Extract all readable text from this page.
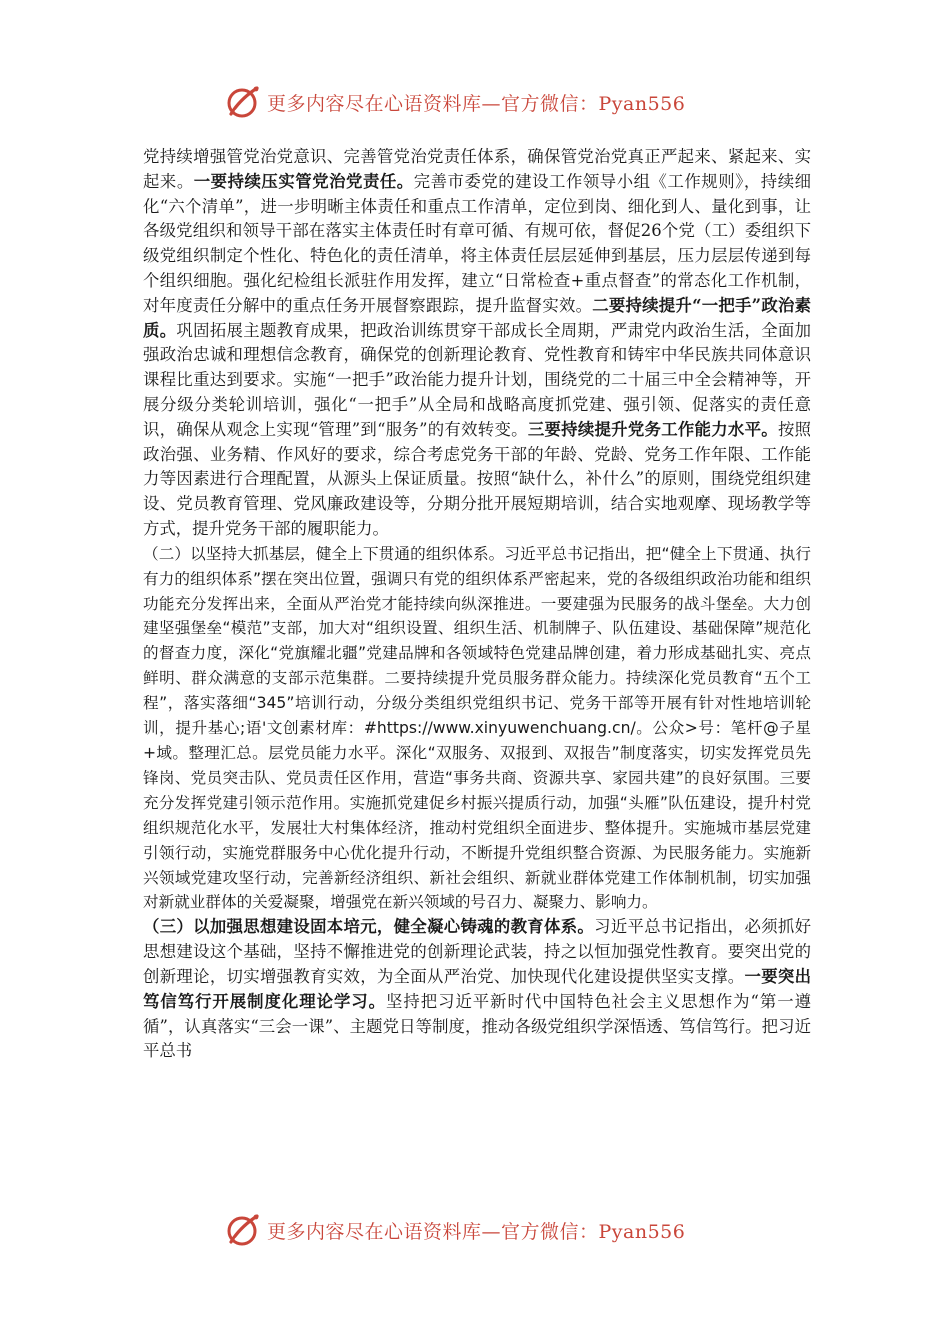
更多内容尽在心语资料库—官方微信：Pyan556

党持续增强管党治党意识、完善管党治党责任体系，确保管党治党真正严起来、紧起来、实起来。一要持续压实管党治党责任。完善市委党的建设工作领导小组《工作规则》，持续细化“六个清单”，进一步明晰主体责任和重点工作清单，定位到岗、细化到人、量化到事，让各级党组织和领导干部在落实主体责任时有章可循、有规可依，督促26个党（工）委组织下级党组织制定个性化、特色化的责任清单，将主体责任层层延伸到基层，压力层层传递到每个组织细胞。强化纪检组长派驻作用发挥，建立“日常检查+重点督查”的常态化工作机制，对年度责任分解中的重点任务开展督察跟踪，提升监督实效。二要持续提升“一把手”政治素质。巩固拓展主题教育成果，把政治训练贯穿干部成长全周期，严肃党内政治生活，全面加强政治忠诚和理想信念教育，确保党的创新理论教育、党性教育和铸牢中华民族共同体意识课程比重达到要求。实施“一把手”政治能力提升计划，围绕党的二十届三中全会精神等，开展分级分类轮训培训，强化“一把手”从全局和战略高度抓党建、强引领、促落实的责任意识，确保从观念上实现“管理”到“服务”的有效转变。三要持续提升党务工作能力水平。按照政治强、业务精、作风好的要求，综合考虑党务干部的年龄、党龄、党务工作年限、工作能力等因素进行合理配置，从源头上保证质量。按照“缺什么，补什么”的原则，围绕党组织建设、党员教育管理、党风廉政建设等，分期分批开展短期培训，结合实地观摩、现场教学等方式，提升党务干部的履职能力。

（二）以坚持大抓基层，健全上下贯通的组织体系。习近平总书记指出，把“健全上下贯通、执行有力的组织体系”摆在突出位置，强调只有党的组织体系严密起来，党的各级组织政治功能和组织功能充分发挥出来，全面从严治党才能持续向纵深推进。一要建强为民服务的战斗堡垒。大力创建坚强堡垒“模范”支部，加大对“组织设置、组织生活、机制牌子、队伍建设、基础保障”规范化的督查力度，深化“党旗耀北疆”党建品牌和各领域特色党建品牌创建，着力形成基础扎实、亮点鲜明、群众满意的支部示范集群。二要持续提升党员服务群众能力。持续深化党员教育“五个工程”，落实落细“345”培训行动，分级分类组织党组织书记、党务干部等开展有针对性地培训轮训，提升基心;语'文创素材库：#https://www.xinyuwenchuang.cn/。公众>号：笔杆@子星+域。整理汇总。层党员能力水平。深化“双服务、双报到、双报告”制度落实，切实发挥党员先锋岗、党员突击队、党员责任区作用，营造“事务共商、资源共享、家园共建”的良好氛围。三要充分发挥党建引领示范作用。实施抓党建促乡村振兴提质行动，加强“头雁”队伍建设，提升村党组织规范化水平，发展壮大村集体经济，推动村党组织全面进步、整体提升。实施城市基层党建引领行动，实施党群服务中心优化提升行动，不断提升党组织整合资源、为民服务能力。实施新兴领域党建攻坚行动，完善新经济组织、新社会组织、新就业群体党建工作体制机制，切实加强对新就业群体的关爱凝聚，增强党在新兴领域的号召力、凝聚力、影响力。

（三）以加强思想建设固本培元，健全凝心铸魂的教育体系。习近平总书记指出，必须抓好思想建设这个基础，坚持不懈推进党的创新理论武装，持之以恒加强党性教育。要突出党的创新理论，切实增强教育实效，为全面从严治党、加快现代化建设提供坚实支撑。一要突出笃信笃行开展制度化理论学习。坚持把习近平新时代中国特色社会主义思想作为“第一遵循”，认真落实“三会一课”、主题党日等制度，推动各级党组织学深悟透、笃信笃行。把习近平总书

更多内容尽在心语资料库—官方微信：Pyan556
